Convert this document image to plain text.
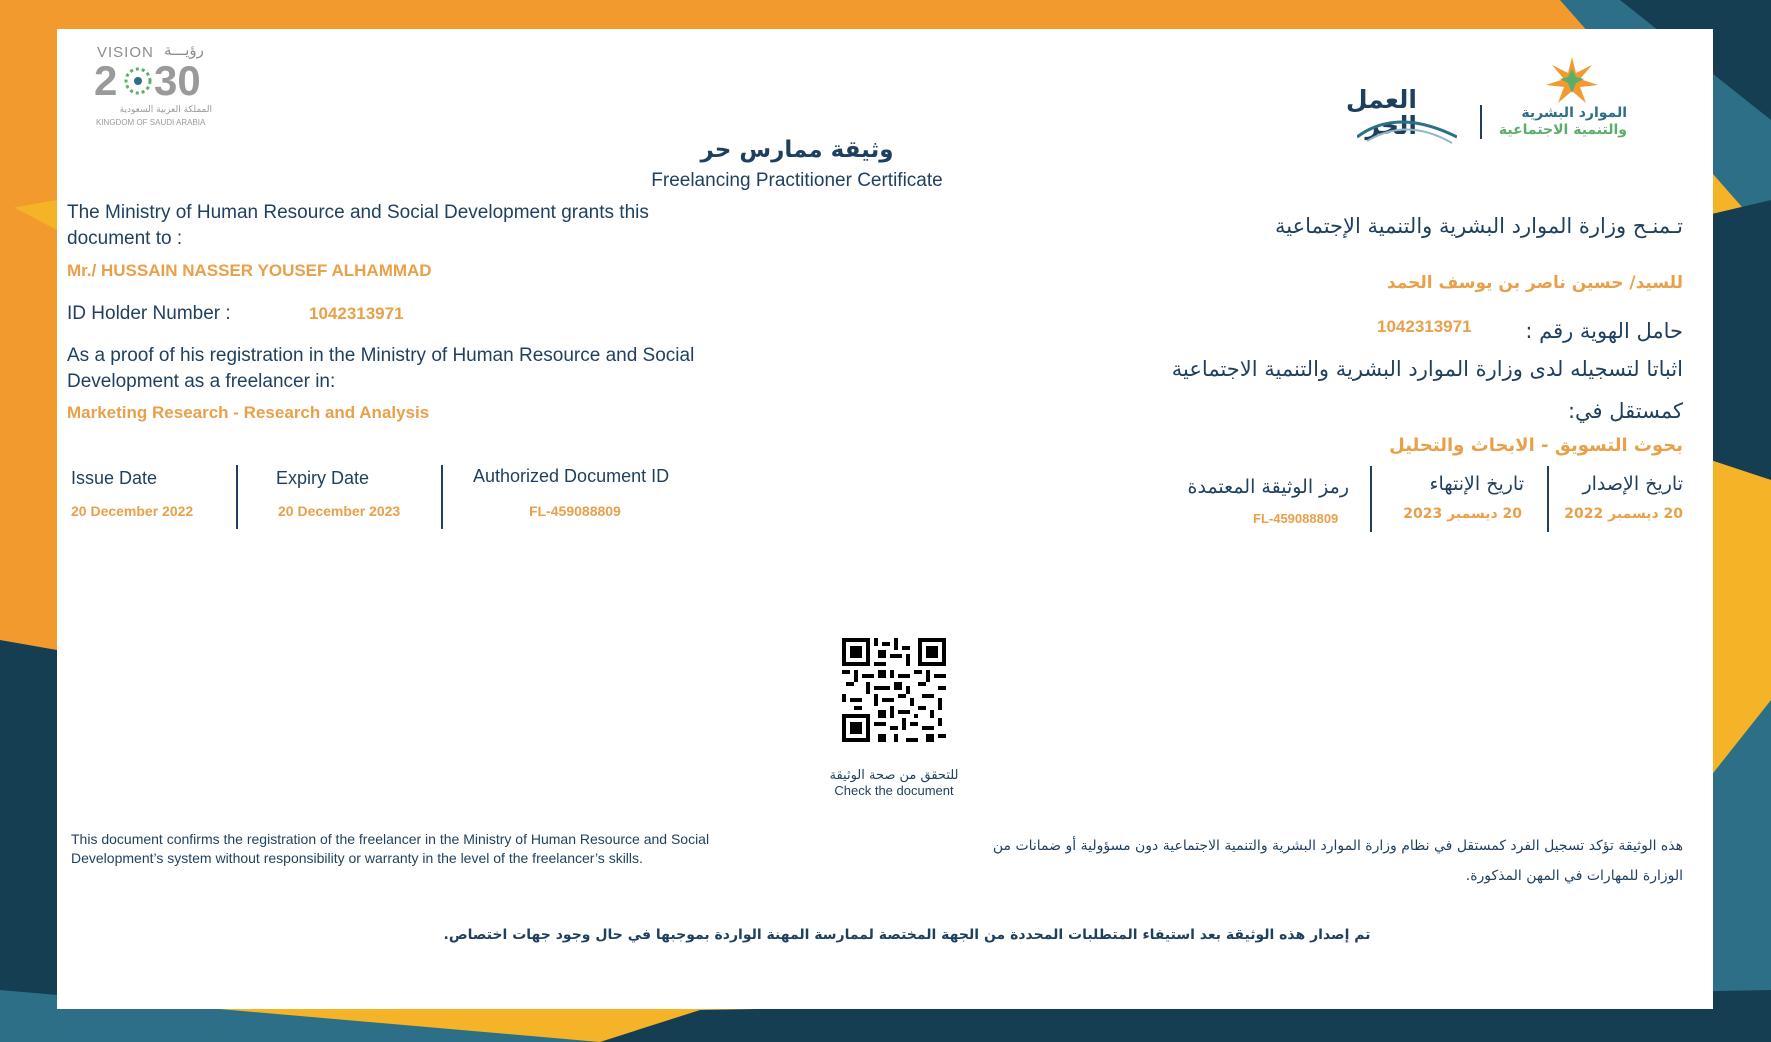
VISION رؤيـــة
2 30
المملكة العربية السعودية
KINGDOM OF SAUDI ARABIA
العمل الحر	الموارد البشرية
والتنمية الاجتماعية
وثيقة ممارس حر
Freelancing Practitioner Certificate
The Ministry of Human Resource and Social Development grants this document to :
Mr./ HUSSAIN NASSER YOUSEF ALHAMMAD
ID Holder Number :	1042313971
As a proof of his registration in the Ministry of Human Resource and Social Development as a freelancer in:
Marketing Research - Research and Analysis
Issue Date
20 December 2022
Expiry Date
20 December 2023
Authorized Document ID
FL-459088809
تـمنـح وزارة الموارد البشرية والتنمية الإجتماعية
للسيد/ حسين ناصر بن يوسف الحمد
حامل الهوية رقم :
1042313971
اثباتا لتسجيله لدى وزارة الموارد البشرية والتنمية الاجتماعية
كمستقل في:
بحوث التسويق - الابحاث والتحليل
تاريخ الإصدار
20 ديسمبر 2022
تاريخ الإنتهاء
20 ديسمبر 2023
رمز الوثيقة المعتمدة
FL-459088809
للتحقق من صحة الوثيقة
Check the document
This document confirms the registration of the freelancer in the Ministry of Human Resource and Social Development’s system without responsibility or warranty in the level of the freelancer’s skills.
هذه الوثيقة تؤكد تسجيل الفرد كمستقل في نظام وزارة الموارد البشرية والتنمية الاجتماعية دون مسؤولية أو ضمانات من
الوزارة للمهارات في المهن المذكورة.
تم إصدار هذه الوثيقة بعد استيفاء المتطلبات المحددة من الجهة المختصة لممارسة المهنة الواردة بموجبها في حال وجود جهات اختصاص.
